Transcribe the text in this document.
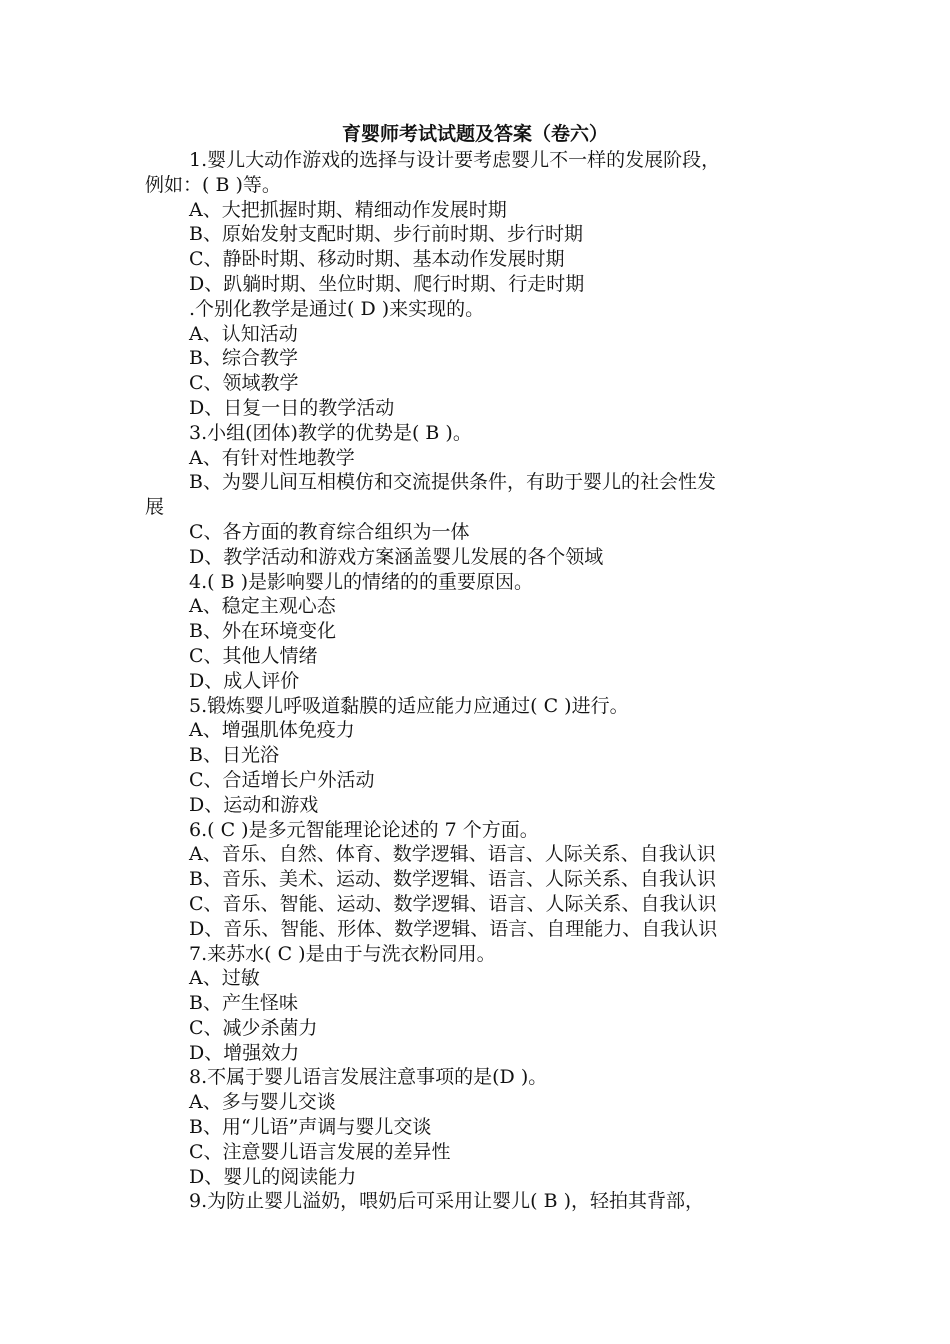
育婴师考试试题及答案（卷六）
1.婴儿大动作游戏的选择与设计要考虑婴儿不一样的发展阶段，
例如：( B )等。
A、大把抓握时期、精细动作发展时期
B、原始发射支配时期、步行前时期、步行时期
C、静卧时期、移动时期、基本动作发展时期
D、趴躺时期、坐位时期、爬行时期、行走时期
.个别化教学是通过( D )来实现的。
A、认知活动
B、综合教学
C、领域教学
D、日复一日的教学活动
3.小组(团体)教学的优势是( B )。
A、有针对性地教学
B、为婴儿间互相模仿和交流提供条件，有助于婴儿的社会性发
展
C、各方面的教育综合组织为一体
D、教学活动和游戏方案涵盖婴儿发展的各个领域
4.( B )是影响婴儿的情绪的的重要原因。
A、稳定主观心态
B、外在环境变化
C、其他人情绪
D、成人评价
5.锻炼婴儿呼吸道黏膜的适应能力应通过( C )进行。
A、增强肌体免疫力
B、日光浴
C、合适增长户外活动
D、运动和游戏
6.( C )是多元智能理论论述的 7 个方面。
A、音乐、自然、体育、数学逻辑、语言、人际关系、自我认识
B、音乐、美术、运动、数学逻辑、语言、人际关系、自我认识
C、音乐、智能、运动、数学逻辑、语言、人际关系、自我认识
D、音乐、智能、形体、数学逻辑、语言、自理能力、自我认识
7.来苏水( C )是由于与洗衣粉同用。
A、过敏
B、产生怪味
C、减少杀菌力
D、增强效力
8.不属于婴儿语言发展注意事项的是(D )。
A、多与婴儿交谈
B、用“儿语”声调与婴儿交谈
C、注意婴儿语言发展的差异性
D、婴儿的阅读能力
9.为防止婴儿溢奶，喂奶后可采用让婴儿( B )，轻拍其背部，
